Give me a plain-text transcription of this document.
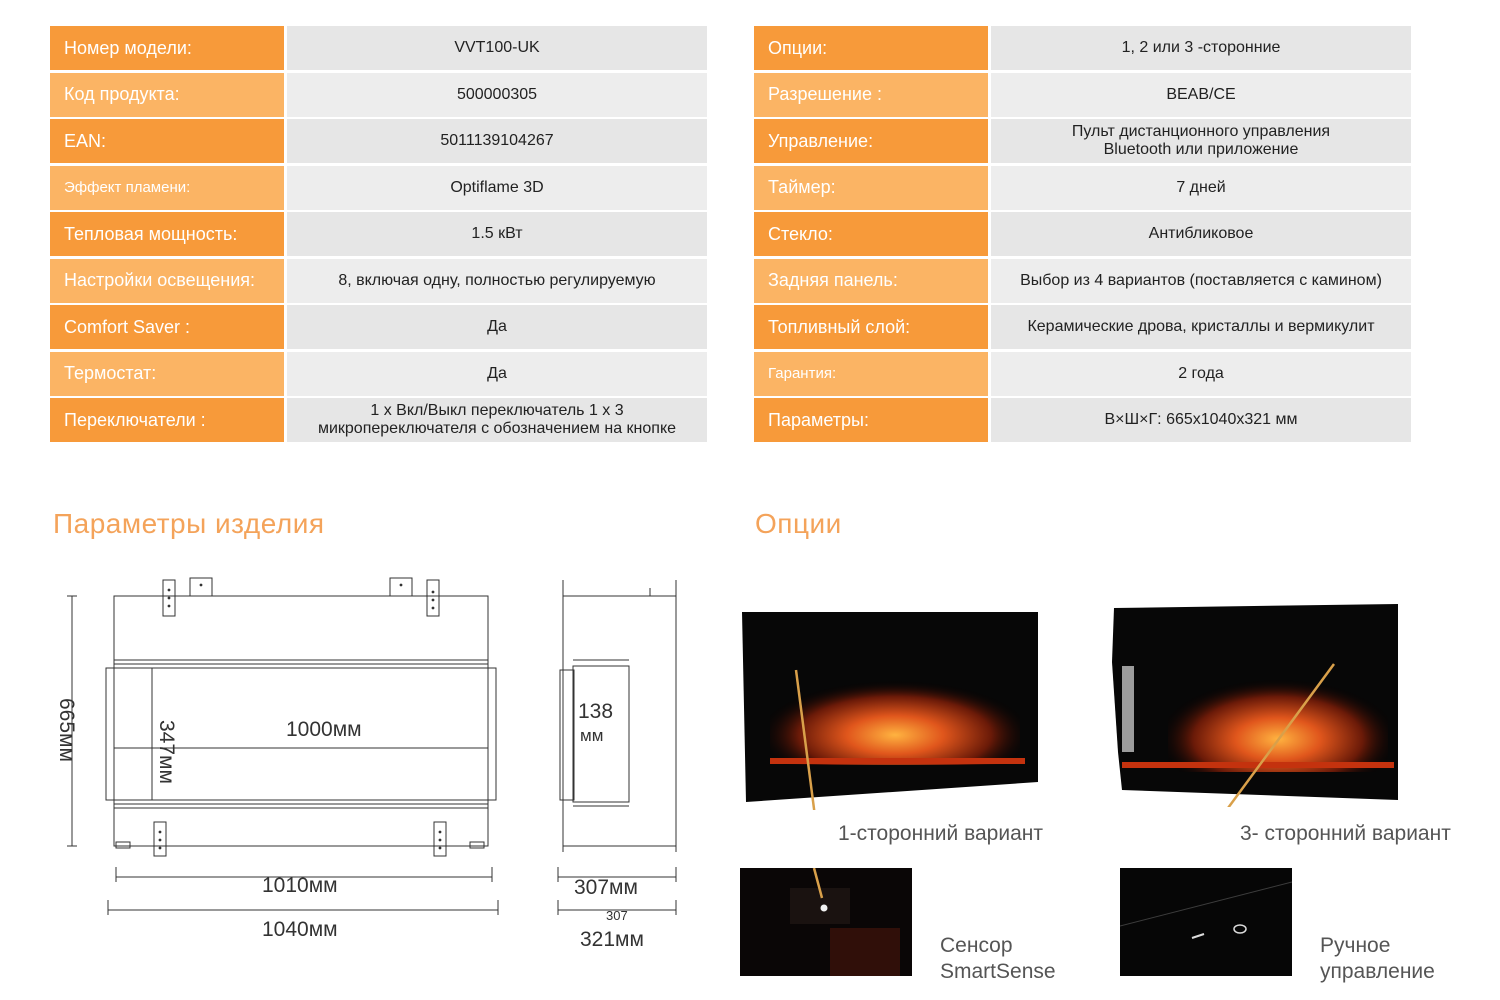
Номер модели:	VVT100-UK
Код продукта:	500000305
EAN:	5011139104267
Эффект пламени:	Optiflame 3D
Тепловая мощность:	1.5 кВт
Настройки освещения:	8, включая одну, полностью регулируемую
Comfort Saver :	Да
Термостат:	Да
Переключатели :	1 x Вкл/Выкл переключатель 1 x 3
микропереключателя с обозначением на кнопке
Опции:	1, 2 или 3 -сторонние
Разрешение :	BEAB/CE
Управление:	Пульт дистанционного управления
Bluetooth или приложение
Таймер:	7 дней
Стекло:	Антибликовое
Задняя панель:	Выбор из 4 вариантов (поставляется с камином)
Топливный слой:	Керамические дрова, кристаллы и вермикулит
Гарантия:	2 года
Параметры:	В×Ш×Г: 665x1040x321 мм
Параметры изделия	Опции
665мм	347мм	1000мм
1010мм
1040мм
138
мм
307мм
307
321мм
1-сторонний вариант	3- сторонний вариант
Сенсор
SmartSense
Ручное
управление
